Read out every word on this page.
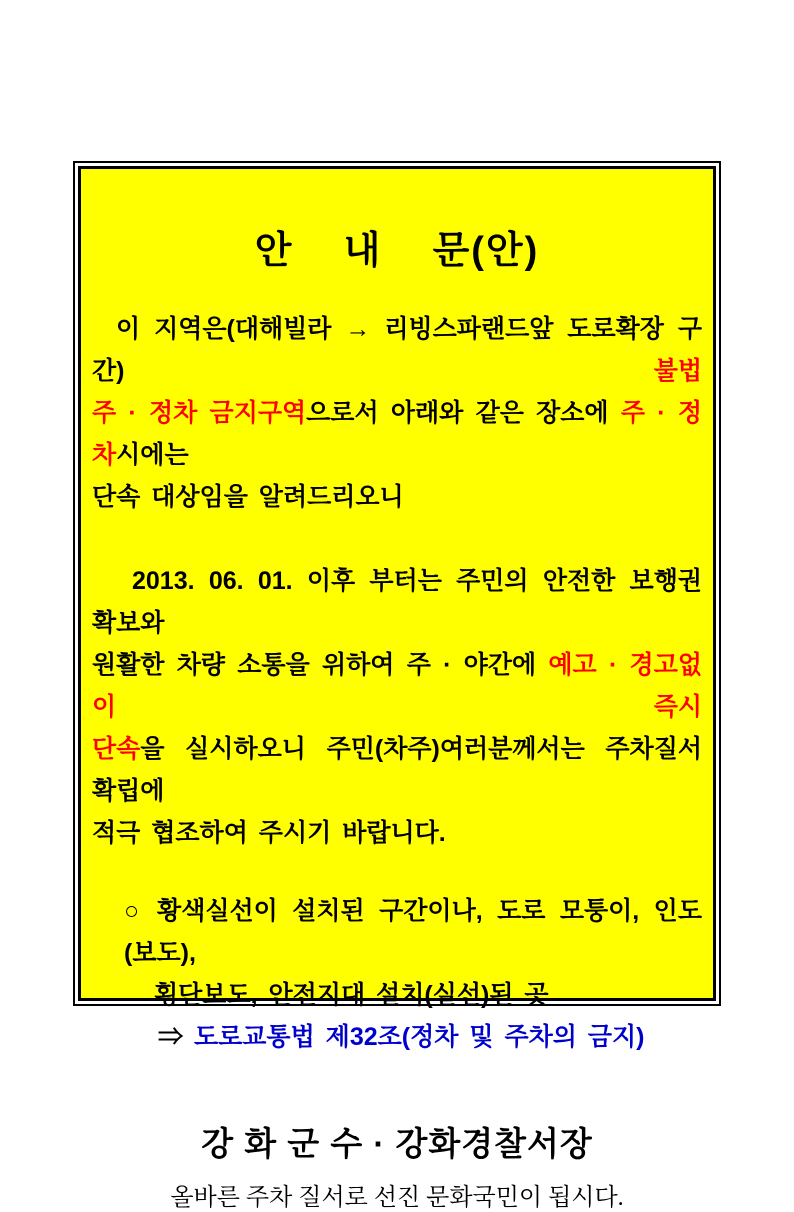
안    내    문(안)
이 지역은(대해빌라 → 리빙스파랜드앞 도로확장 구간) 불법
주 · 정차 금지구역으로서 아래와 같은 장소에 주 · 정차시에는
단속 대상임을 알려드리오니
2013. 06. 01. 이후 부터는 주민의 안전한 보행권 확보와
원활한 차량 소통을 위하여 주 · 야간에 예고 · 경고없이 즉시
단속을 실시하오니 주민(차주)여러분께서는 주차질서 확립에
적극 협조하여 주시기 바랍니다.
○ 황색실선이 설치된 구간이나, 도로 모퉁이, 인도(보도),
횡단보도, 안전지대 설치(실선)된 곳
⇒ 도로교통법 제32조(정차 및 주차의 금지)
강 화 군 수 · 강화경찰서장
올바른 주차 질서로 선진 문화국민이 됩시다.
